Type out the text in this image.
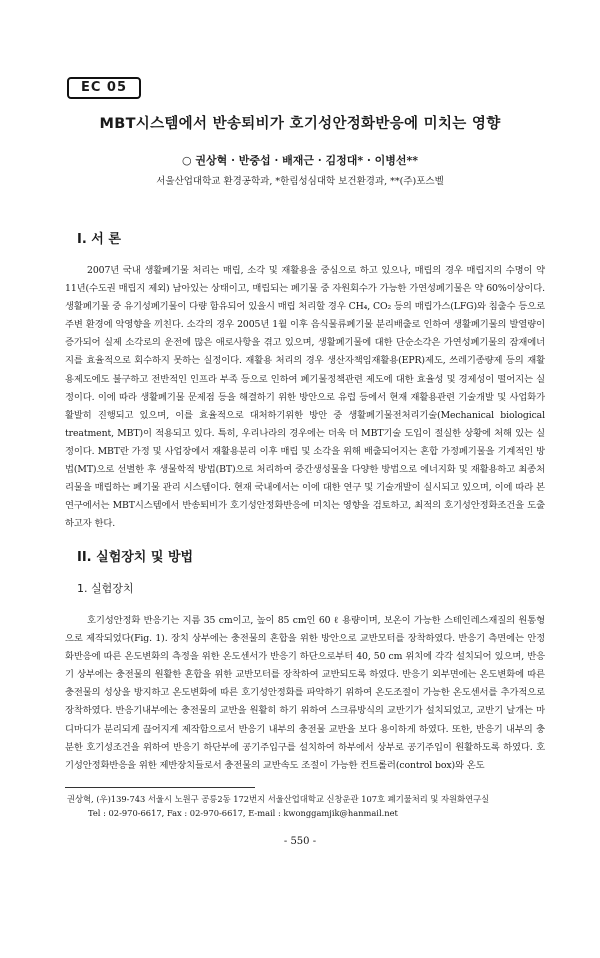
EC 05
MBT시스템에서 반송퇴비가 호기성안정화반응에 미치는 영향
○ 권상혁 · 반중섭 · 배재근 · 김정대* · 이병선**
서울산업대학교 환경공학과, *한림성심대학 보건환경과, **(주)포스벨
I. 서 론

2007년 국내 생활폐기물 처리는 매립, 소각 및 재활용을 중심으로 하고 있으나, 매립의 경우 매립지의 수명이 약 11년(수도권 매립지 제외) 남아있는 상태이고, 매립되는 폐기물 중 자원회수가 가능한 가연성폐기물은 약 60%이상이다. 생활폐기물 중 유기성폐기물이 다량 함유되어 있을시 매립 처리할 경우 CH₄, CO₂ 등의 매립가스(LFG)와 침출수 등으로 주변 환경에 악영향을 끼친다. 소각의 경우 2005년 1월 이후 음식물류폐기물 분리배출로 인하여 생활폐기물의 발열량이 증가되어 실제 소각로의 운전에 많은 애로사항을 겪고 있으며, 생활폐기물에 대한 단순소각은 가연성폐기물의 잠재에너지를 효율적으로 회수하지 못하는 실정이다. 재활용 처리의 경우 생산자책임재활용(EPR)제도, 쓰레기종량제 등의 재활용제도에도 불구하고 전반적인 인프라 부족 등으로 인하여 폐기물정책관련 제도에 대한 효율성 및 경제성이 떨어지는 실정이다. 이에 따라 생활폐기물 문제점 등을 해결하기 위한 방안으로 유럽 등에서 현재 재활용관련 기술개발 및 사업화가 활발히 진행되고 있으며, 이를 효율적으로 대처하기위한 방안 중 생활폐기물전처리기술(Mechanical biological treatment, MBT)이 적용되고 있다. 특히, 우리나라의 경우에는 더욱 더 MBT기술 도입이 절실한 상황에 처해 있는 실정이다. MBT란 가정 및 사업장에서 재활용분리 이후 매립 및 소각을 위해 배출되어지는 혼합 가정폐기물을 기계적인 방법(MT)으로 선별한 후 생물학적 방법(BT)으로 처리하여 중간생성물을 다양한 방법으로 에너지화 및 재활용하고 최종처리물을 매립하는 폐기물 관리 시스템이다. 현재 국내에서는 이에 대한 연구 및 기술개발이 실시되고 있으며, 이에 따라 본 연구에서는 MBT시스템에서 반송퇴비가 호기성안정화반응에 미치는 영향을 검토하고, 최적의 호기성안정화조건을 도출하고자 한다.

II. 실험장치 및 방법
1. 실험장치

호기성안정화 반응기는 지름 35 cm이고, 높이 85 cm인 60 ℓ 용량이며, 보온이 가능한 스테인레스재질의 원통형으로 제작되었다(Fig. 1). 장치 상부에는 충전물의 혼합을 위한 방안으로 교반모터를 장착하였다. 반응기 측면에는 안정화반응에 따른 온도변화의 측정을 위한 온도센서가 반응기 하단으로부터 40, 50 cm 위치에 각각 설치되어 있으며, 반응기 상부에는 충전물의 원활한 혼합을 위한 교반모터를 장착하여 교반되도록 하였다. 반응기 외부면에는 온도변화에 따른 충전물의 성상을 방지하고 온도변화에 따른 호기성안정화를 파악하기 위하여 온도조절이 가능한 온도센서를 추가적으로 장착하였다. 반응기내부에는 충전물의 교반을 원활히 하기 위하여 스크류방식의 교반기가 설치되었고, 교반기 날개는 마디마디가 분리되게 끊어지게 제작함으로서 반응기 내부의 충전물 교반을 보다 용이하게 하였다. 또한, 반응기 내부의 충분한 호기성조건을 위하여 반응기 하단부에 공기주입구를 설치하여 하부에서 상부로 공기주입이 원활하도록 하였다. 호기성안정화반응을 위한 제반장치들로서 충전물의 교반속도 조절이 가능한 컨트롤러(control box)와 온도

권상혁, (우)139-743 서울시 노원구 공릉2동 172번지 서울산업대학교 신창운관 107호 폐기물처리 및 자원화연구실
Tel : 02-970-6617, Fax : 02-970-6617, E-mail : kwonggamjik@hanmail.net
- 550 -
